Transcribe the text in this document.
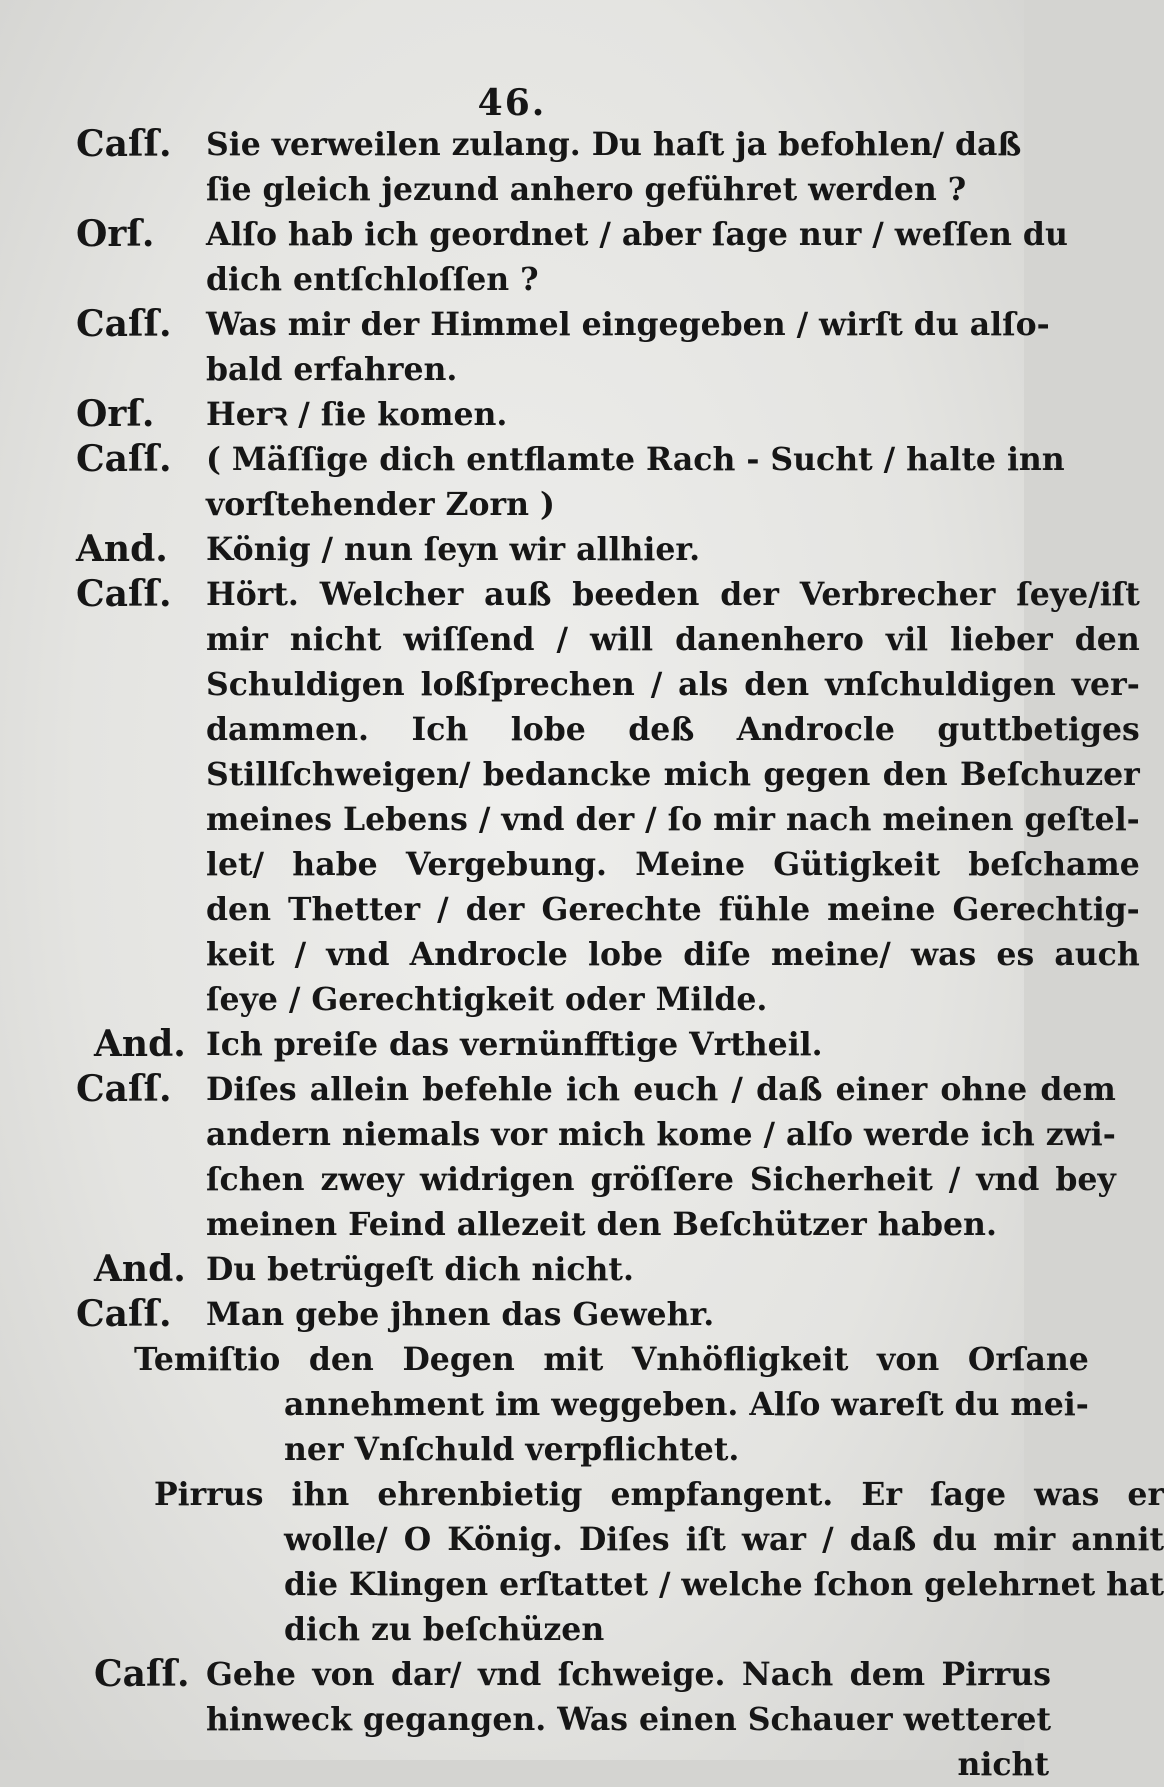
46.
Caſſ.	Sie verweilen zulang. Du haſt ja befohlen/ daß
ſie gleich jezund anhero geführet werden ?
Orſ.	Alſo hab ich geordnet / aber ſage nur / weſſen du
dich entſchloſſen ?
Caſſ.	Was mir der Himmel eingegeben / wirſt du alſo-
bald erfahren.
Orſ.	Herꝛ / ſie komen.
Caſſ.	( Mäſſige dich entflamte Rach - Sucht / halte inn
vorſtehender Zorn )
And.	König / nun ſeyn wir allhier.
Caſſ.	Hört. Welcher auß beeden der Verbrecher ſeye/iſt
mir nicht wiſſend / will danenhero vil lieber den
Schuldigen loßſprechen / als den vnſchuldigen ver-
dammen. Ich lobe deß Androcle guttbetiges
Stillſchweigen/ bedancke mich gegen den Beſchuzer
meines Lebens / vnd der / ſo mir nach meinen geſtel-
let/ habe Vergebung. Meine Gütigkeit beſchame
den Thetter / der Gerechte fühle meine Gerechtig-
keit / vnd Androcle lobe diſe meine/ was es auch
ſeye / Gerechtigkeit oder Milde.
And. Ich preiſe das vernünfftige Vrtheil.
Caſſ.	Diſes allein befehle ich euch / daß einer ohne dem
andern niemals vor mich kome / alſo werde ich zwi-
ſchen zwey widrigen gröſſere Sicherheit / vnd bey
meinen Feind allezeit den Beſchützer haben.
And. Du betrügeſt dich nicht.
Caſſ.	Man gebe jhnen das Gewehr.
Temiſtio den Degen mit Vnhöfligkeit von Orſane
annehment im weggeben. Alſo wareſt du mei-
ner Vnſchuld verpflichtet.
Pirrus ihn ehrenbietig empfangent. Er ſage was er
wolle/ O König. Diſes iſt war / daß du mir annit
die Klingen erſtattet / welche ſchon gelehrnet hat
dich zu beſchüzen
Caſſ. Gehe von dar/ vnd ſchweige. Nach dem Pirrus
hinweck gegangen. Was einen Schauer wetteret
nicht
